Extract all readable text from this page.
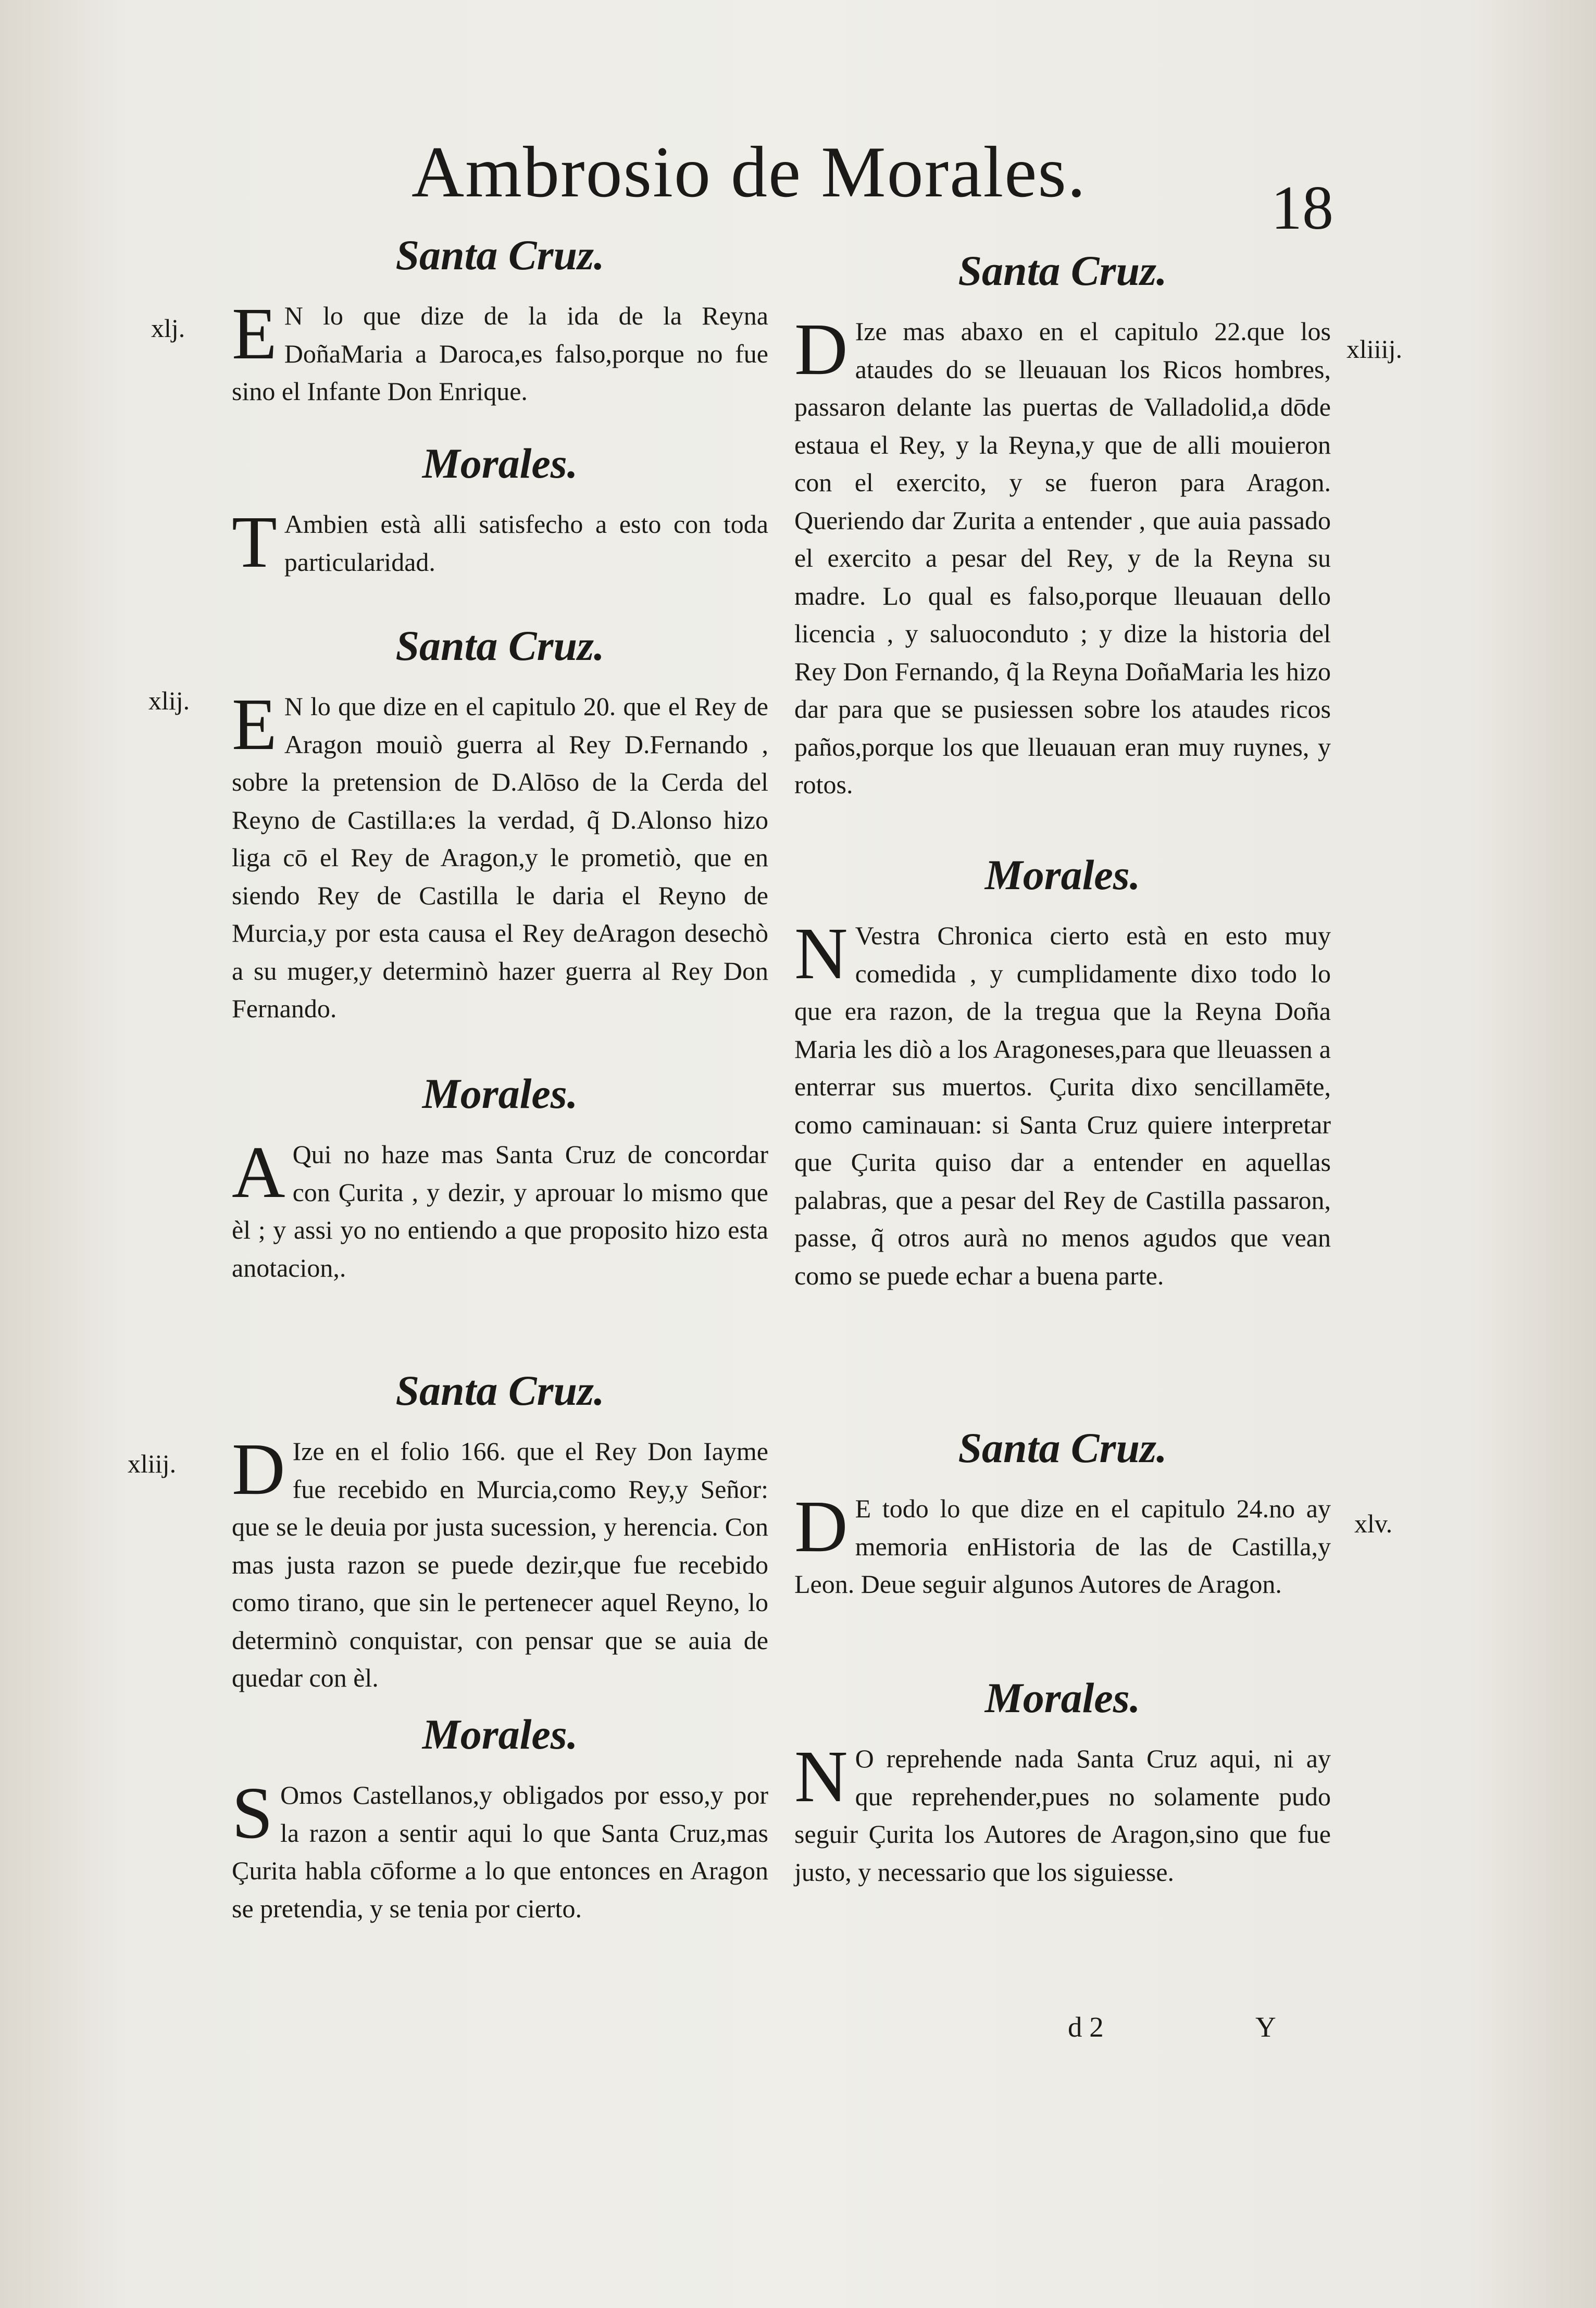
Ambrosio de Morales.	18
Santa Cruz.
xlj. E N lo que dize de la ida de la Reyna DoñaMaria a Daroca,es falso,porque no fue sino el Infante Don Enrique.
Morales.
T Ambien està alli satisfecho a esto con toda particularidad.
Santa Cruz.
xlij. E N lo que dize en el capitulo 20. que el Rey de Aragon mouiò guerra al Rey D.Fernando , sobre la pretension de D.Alōso de la Cerda del Reyno de Castilla:es la verdad, q̃ D.Alonso hizo liga cō el Rey de Aragon,y le prometiò, que en siendo Rey de Castilla le daria el Reyno de Murcia,y por esta causa el Rey deAragon desechò a su muger,y determinò hazer guerra al Rey Don Fernando.
Morales.
A Qui no haze mas Santa Cruz de concordar con Çurita , y dezir, y aprouar lo mismo que èl ; y assi yo no entiendo a que proposito hizo esta anotacion,.
Santa Cruz.
xliij. D Ize en el folio 166. que el Rey Don Iayme fue recebido en Murcia,como Rey,y Señor: que se le deuia por justa sucession, y herencia. Con mas justa razon se puede dezir,que fue recebido como tirano, que sin le pertenecer aquel Reyno, lo determinò conquistar, con pensar que se auia de quedar con èl.
Morales.
S Omos Castellanos,y obligados por esso,y por la razon a sentir aqui lo que Santa Cruz,mas Çurita habla cōforme a lo que entonces en Aragon se pretendia, y se tenia por cierto.
Santa Cruz.
xliiij.
D Ize mas abaxo en el capitulo 22.que los ataudes do se lleuauan los Ricos hombres, passaron delante las puertas de Valladolid,a dōde estaua el Rey, y la Reyna,y que de alli mouieron con el exercito, y se fueron para Aragon. Queriendo dar Zurita a entender , que auia passado el exercito a pesar del Rey, y de la Reyna su madre. Lo qual es falso,porque lleuauan dello licencia , y saluoconduto ; y dize la historia del Rey Don Fernando, q̃ la Reyna DoñaMaria les hizo dar para que se pusiessen sobre los ataudes ricos paños,porque los que lleuauan eran muy ruynes, y rotos.
Morales.
N Vestra Chronica cierto està en esto muy comedida , y cumplidamente dixo todo lo que era razon, de la tregua que la Reyna Doña Maria les diò a los Aragoneses,para que lleuassen a enterrar sus muertos. Çurita dixo sencillamēte, como caminauan: si Santa Cruz quiere interpretar que Çurita quiso dar a entender en aquellas palabras, que a pesar del Rey de Castilla passaron, passe, q̃ otros aurà no menos agudos que vean como se puede echar a buena parte.
Santa Cruz.
xlv.
D E todo lo que dize en el capitulo 24.no ay memoria enHistoria de las de Castilla,y Leon. Deue seguir algunos Autores de Aragon.
Morales.
N O reprehende nada Santa Cruz aqui, ni ay que reprehender,pues no solamente pudo seguir Çurita los Autores de Aragon,sino que fue justo, y necessario que los siguiesse.
d 2	Y
